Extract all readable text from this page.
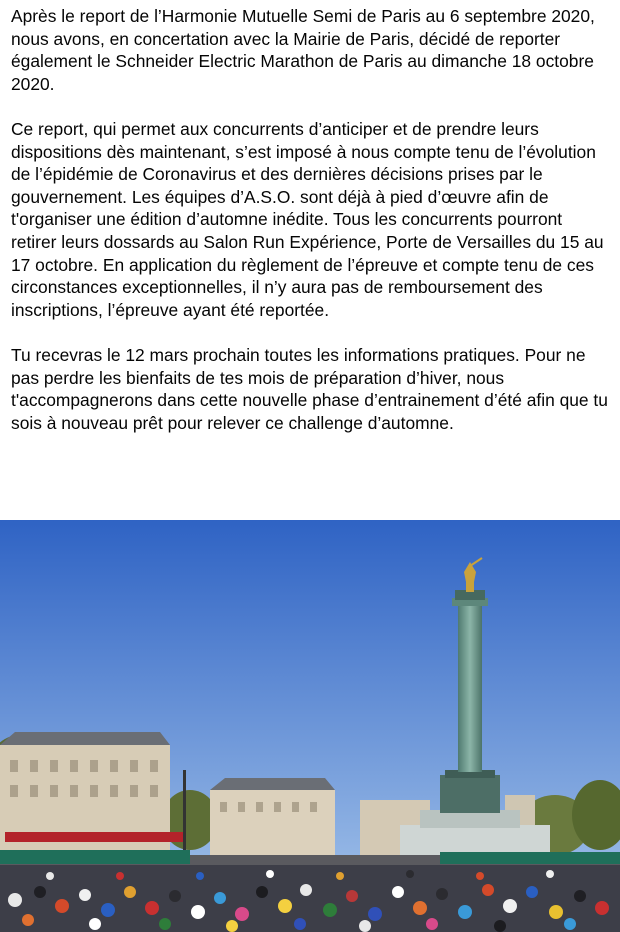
Après le report de l’Harmonie Mutuelle Semi de Paris au 6 septembre 2020, nous avons, en concertation avec la Mairie de Paris, décidé de reporter également le Schneider Electric Marathon de Paris au dimanche 18 octobre 2020.

Ce report, qui permet aux concurrents d’anticiper et de prendre leurs dispositions dès maintenant, s’est imposé à nous compte tenu de l’évolution de l’épidémie de Coronavirus et des dernières décisions prises par le gouvernement. Les équipes d’A.S.O. sont déjà à pied d’œuvre afin de t'organiser une édition d’automne inédite. Tous les concurrents pourront retirer leurs dossards au Salon Run Expérience, Porte de Versailles du 15 au 17 octobre. En application du règlement de l’épreuve et compte tenu de ces circonstances exceptionnelles, il n’y aura pas de remboursement des inscriptions, l’épreuve ayant été reportée.

Tu recevras le 12 mars prochain toutes les informations pratiques. Pour ne pas perdre les bienfaits de tes mois de préparation d’hiver, nous t'accompagnerons dans cette nouvelle phase d’entrainement d’été afin que tu sois à nouveau prêt pour relever ce challenge d’automne.
